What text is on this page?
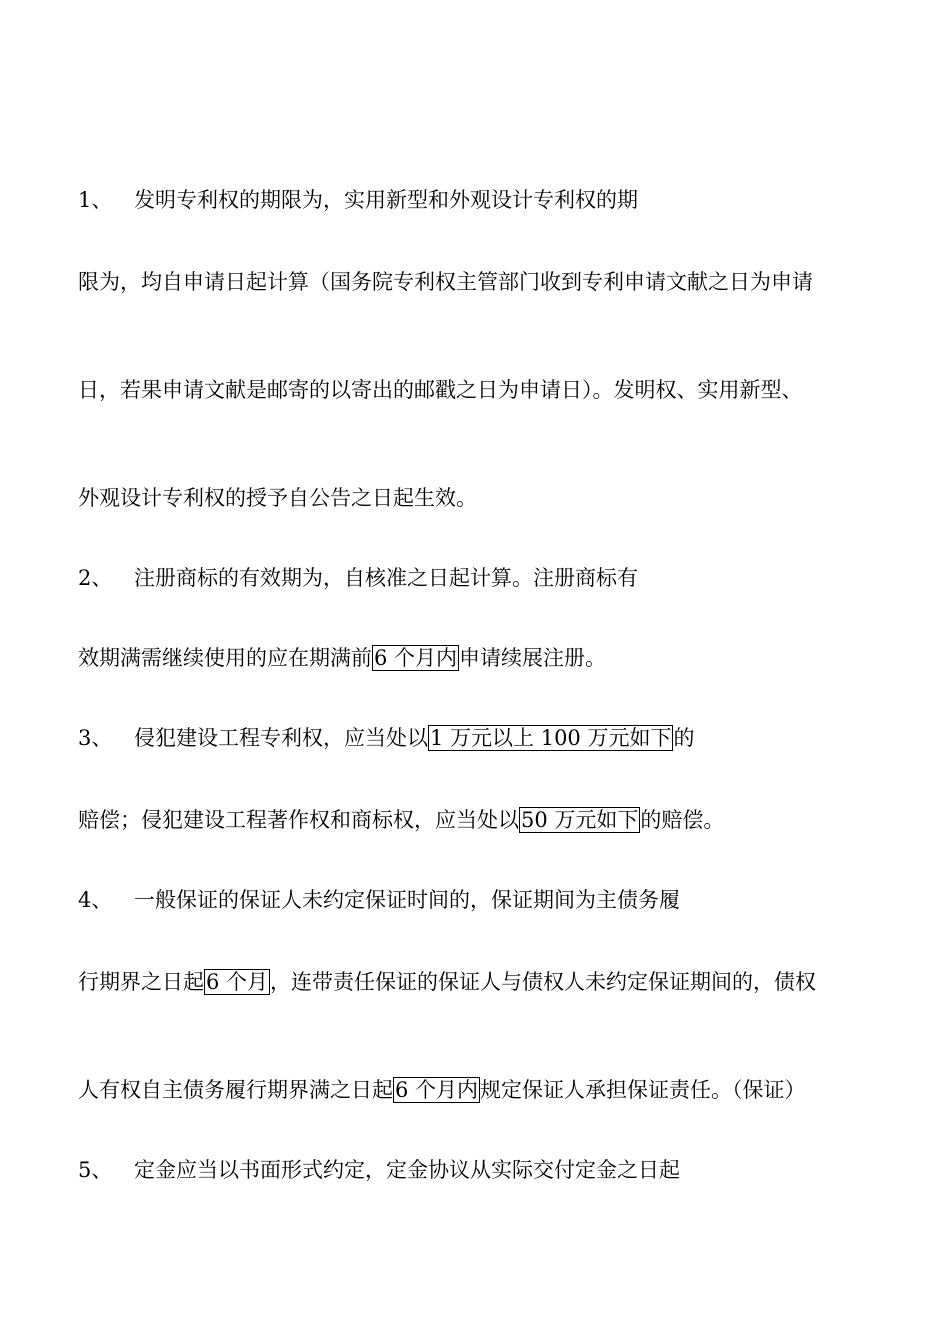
1、 发明专利权的期限为，实用新型和外观设计专利权的期
限为，均自申请日起计算（国务院专利权主管部门收到专利申请文献之日为申请
日，若果申请文献是邮寄的以寄出的邮戳之日为申请日）。发明权、实用新型、
外观设计专利权的授予自公告之日起生效。
2、 注册商标的有效期为，自核准之日起计算。注册商标有
效期满需继续使用的应在期满前6 个月内申请续展注册。
3、 侵犯建设工程专利权，应当处以1 万元以上 100 万元如下的
赔偿；侵犯建设工程著作权和商标权，应当处以50 万元如下的赔偿。
4、 一般保证的保证人未约定保证时间的，保证期间为主债务履
行期界之日起6 个月，连带责任保证的保证人与债权人未约定保证期间的，债权
人有权自主债务履行期界满之日起6 个月内规定保证人承担保证责任。（保证）
5、 定金应当以书面形式约定，定金协议从实际交付定金之日起
